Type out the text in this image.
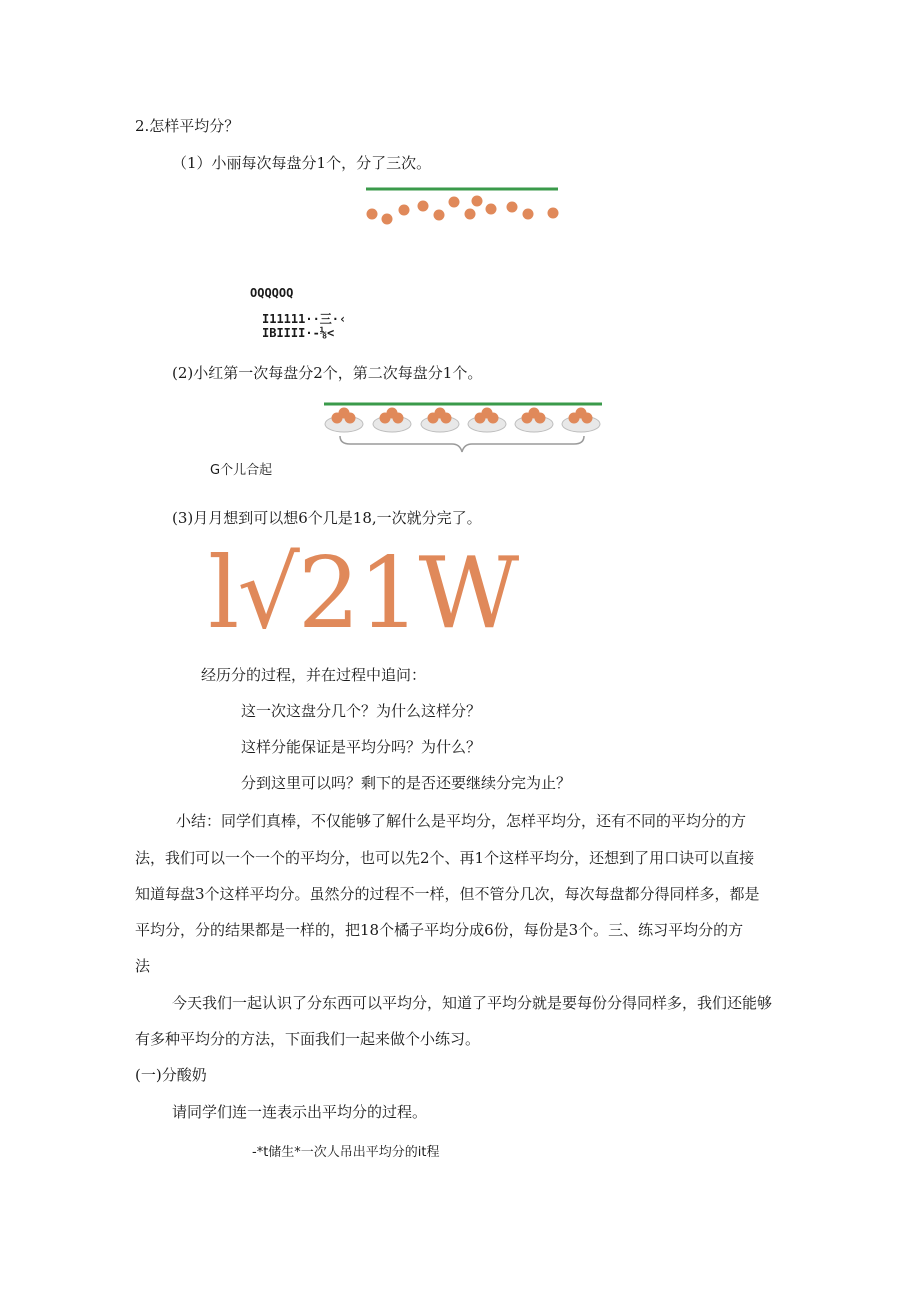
2.怎样平均分？
（1）小丽每次每盘分1个，分了三次。
OQQQOQ
I11111··三·‹
IBIIII·-⅛<
(2)小红第一次每盘分2个，第二次每盘分1个。
G个儿合起
(3)月月想到可以想6个几是18,一次就分完了。
l√21W
经历分的过程，并在过程中追问：
这一次这盘分几个？为什么这样分？
这样分能保证是平均分吗？为什么？
分到这里可以吗？剩下的是否还要继续分完为止？
小结：同学们真棒，不仅能够了解什么是平均分，怎样平均分，还有不同的平均分的方
法，我们可以一个一个的平均分，也可以先2个、再1个这样平均分，还想到了用口诀可以直接
知道每盘3个这样平均分。虽然分的过程不一样，但不管分几次，每次每盘都分得同样多，都是
平均分，分的结果都是一样的，把18个橘子平均分成6份，每份是3个。三、练习平均分的方
法
今天我们一起认识了分东西可以平均分，知道了平均分就是要每份分得同样多，我们还能够
有多种平均分的方法，下面我们一起来做个小练习。
(一)分酸奶
请同学们连一连表示出平均分的过程。
-*t储生*一次人吊出平均分的it程
